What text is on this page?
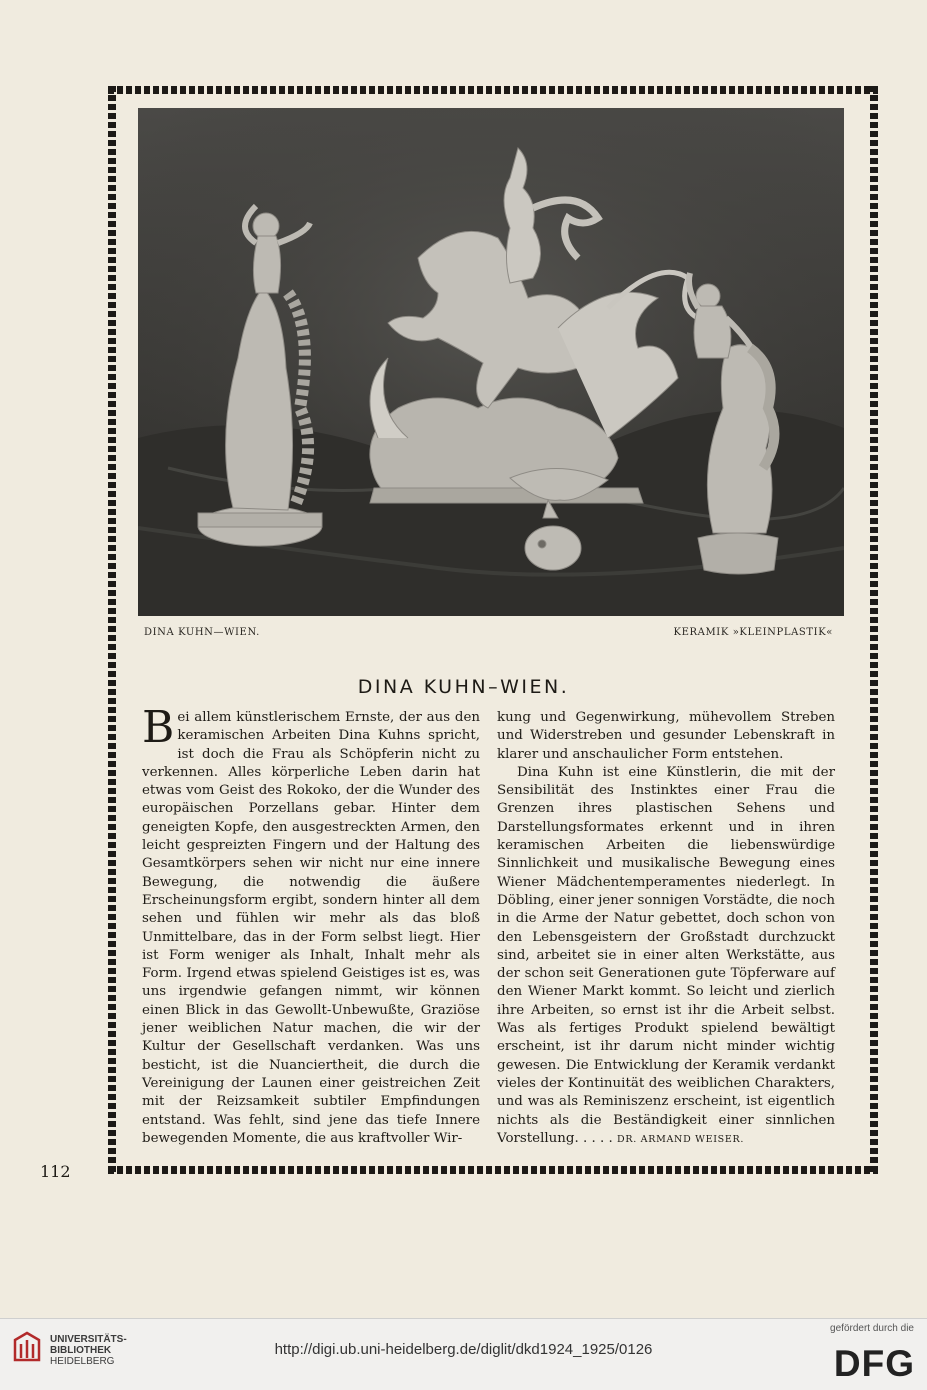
DINA KUHN—WIEN.	KERAMIK »KLEINPLASTIK«
DINA KUHN–WIEN.

Bei allem künstlerischem Ernste, der aus den keramischen Arbeiten Dina Kuhns spricht, ist doch die Frau als Schöpferin nicht zu verkennen. Alles körperliche Leben darin hat etwas vom Geist des Rokoko, der die Wunder des europäischen Porzellans gebar. Hinter dem geneigten Kopfe, den ausgestreckten Armen, den leicht gespreizten Fingern und der Haltung des Gesamtkörpers sehen wir nicht nur eine innere Bewegung, die notwendig die äußere Erscheinungsform ergibt, sondern hinter all dem sehen und fühlen wir mehr als das bloß Unmittelbare, das in der Form selbst liegt. Hier ist Form weniger als Inhalt, Inhalt mehr als Form. Irgend etwas spielend Geistiges ist es, was uns irgendwie gefangen nimmt, wir können einen Blick in das Gewollt-Unbewußte, Graziöse jener weiblichen Natur machen, die wir der Kultur der Gesellschaft verdanken. Was uns besticht, ist die Nuanciertheit, die durch die Vereinigung der Launen einer geistreichen Zeit mit der Reizsamkeit subtiler Empfindungen entstand. Was fehlt, sind jene das tiefe Innere bewegenden Momente, die aus kraftvoller Wir-

kung und Gegenwirkung, mühevollem Streben und Widerstreben und gesunder Lebenskraft in klarer und anschaulicher Form entstehen.

Dina Kuhn ist eine Künstlerin, die mit der Sensibilität des Instinktes einer Frau die Grenzen ihres plastischen Sehens und Darstellungsformates erkennt und in ihren keramischen Arbeiten die liebenswürdige Sinnlichkeit und musikalische Bewegung eines Wiener Mädchentemperamentes niederlegt. In Döbling, einer jener sonnigen Vorstädte, die noch in die Arme der Natur gebettet, doch schon von den Lebensgeistern der Großstadt durchzuckt sind, arbeitet sie in einer alten Werkstätte, aus der schon seit Generationen gute Töpferware auf den Wiener Markt kommt. So leicht und zierlich ihre Arbeiten, so ernst ist ihr die Arbeit selbst. Was als fertiges Produkt spielend bewältigt erscheint, ist ihr darum nicht minder wichtig gewesen. Die Entwicklung der Keramik verdankt vieles der Kontinuität des weiblichen Charakters, und was als Reminiszenz erscheint, ist eigentlich nichts als die Beständigkeit einer sinnlichen Vorstellung. . . . . DR. ARMAND WEISER.

112
UNIVERSITÄTS-
BIBLIOTHEK
HEIDELBERG
http://digi.ub.uni-heidelberg.de/diglit/dkd1924_1925/0126
gefördert durch die
DFG
